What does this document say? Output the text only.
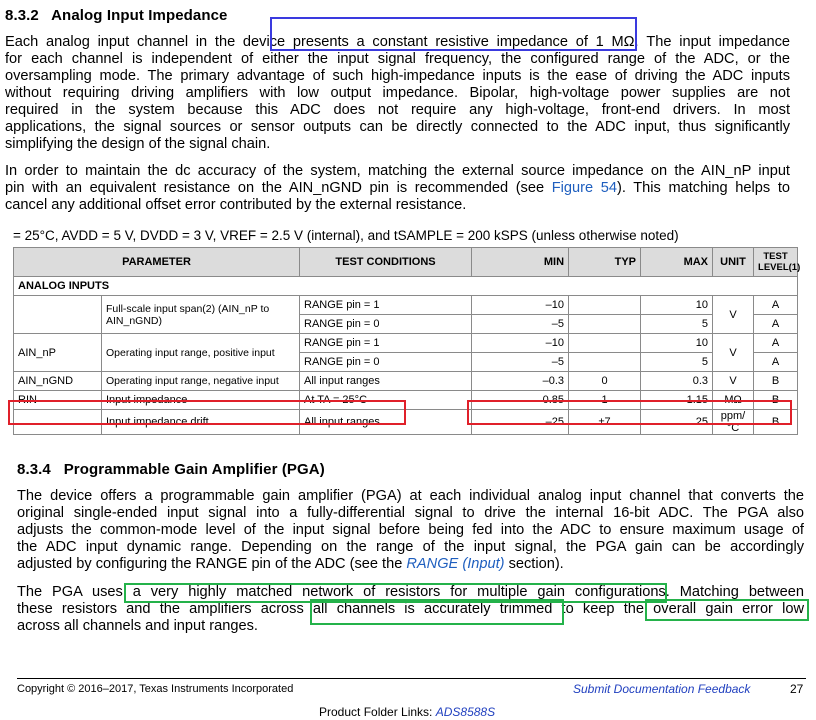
8.3.2 Analog Input Impedance
Each analog input channel in the device presents a constant resistive impedance of 1 MΩ. The input impedance
for each channel is independent of either the input signal frequency, the configured range of the ADC, or the
oversampling mode. The primary advantage of such high-impedance inputs is the ease of driving the ADC inputs
without requiring driving amplifiers with low output impedance. Bipolar, high-voltage power supplies are not
required in the system because this ADC does not require any high-voltage, front-end drivers. In most
applications, the signal sources or sensor outputs can be directly connected to the ADC input, thus significantly
simplifying the design of the signal chain.
In order to maintain the dc accuracy of the system, matching the external source impedance on the AIN_nP input
pin with an equivalent resistance on the AIN_nGND pin is recommended (see Figure 54). This matching helps to
cancel any additional offset error contributed by the external resistance.
= 25°C, AVDD = 5 V, DVDD = 3 V, VREF = 2.5 V (internal), and tSAMPLE = 200 kSPS (unless otherwise noted)
PARAMETER		TEST CONDITIONS	MIN	TYP	MAX	UNIT	TEST LEVEL(1)
ANALOG INPUTS							
	Full-scale input span(2) (AIN_nP to AIN_nGND)	RANGE pin = 1	–10		10	V	A
		RANGE pin = 0	–5		5		A
AIN_nP	Operating input range, positive input	RANGE pin = 1	–10		10	V	A
		RANGE pin = 0	–5		5		A
AIN_nGND	Operating input range, negative input	All input ranges	–0.3	0	0.3	V	B
RIN	Input impedance	At TA = 25°C	0.85	1	1.15	MΩ	B
	Input impedance drift	All input ranges	–25	±7	25	ppm/°C	B
8.3.4 Programmable Gain Amplifier (PGA)
The device offers a programmable gain amplifier (PGA) at each individual analog input channel that converts the
original single-ended input signal into a fully-differential signal to drive the internal 16-bit ADC. The PGA also
adjusts the common-mode level of the input signal before being fed into the ADC to ensure maximum usage of
the ADC input dynamic range. Depending on the range of the input signal, the PGA gain can be accordingly
adjusted by configuring the RANGE pin of the ADC (see the RANGE (Input) section).
The PGA uses a very highly matched network of resistors for multiple gain configurations. Matching between
these resistors and the amplifiers across all channels is accurately trimmed to keep the overall gain error low
across all channels and input ranges.
Copyright © 2016–2017, Texas Instruments Incorporated	Submit Documentation Feedback	27
Product Folder Links: ADS8588S
